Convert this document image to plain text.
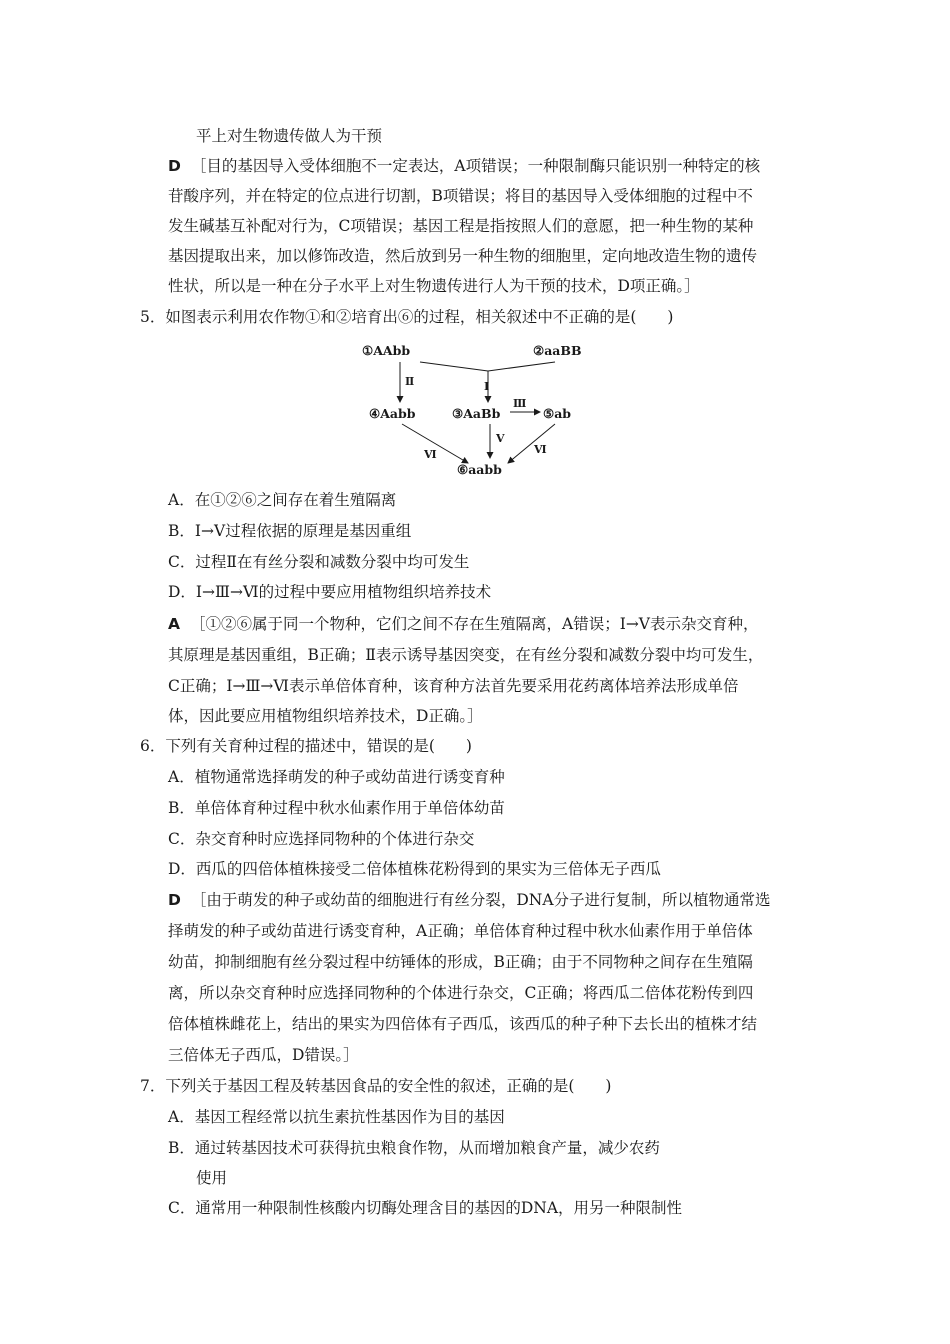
平上对生物遗传做人为干预
D ［目的基因导入受体细胞不一定表达，A项错误；一种限制酶只能识别一种特定的核
苷酸序列，并在特定的位点进行切割，B项错误；将目的基因导入受体细胞的过程中不
发生碱基互补配对行为，C项错误；基因工程是指按照人们的意愿，把一种生物的某种
基因提取出来，加以修饰改造，然后放到另一种生物的细胞里，定向地改造生物的遗传
性状，所以是一种在分子水平上对生物遗传进行人为干预的技术，D项正确。］
5．如图表示利用农作物①和②培育出⑥的过程，相关叙述中不正确的是(　　)
①AAbb	②aaBB
④Aabb	③AaBb	⑤ab
⑥aabb
Ⅱ	Ⅰ
Ⅲ
Ⅴ
Ⅵ	Ⅵ
A．在①②⑥之间存在着生殖隔离
B．Ⅰ→Ⅴ过程依据的原理是基因重组
C．过程Ⅱ在有丝分裂和减数分裂中均可发生
D．Ⅰ→Ⅲ→Ⅵ的过程中要应用植物组织培养技术
A ［①②⑥属于同一个物种，它们之间不存在生殖隔离，A错误；Ⅰ→Ⅴ表示杂交育种，
其原理是基因重组，B正确；Ⅱ表示诱导基因突变，在有丝分裂和减数分裂中均可发生，
C正确；Ⅰ→Ⅲ→Ⅵ表示单倍体育种，该育种方法首先要采用花药离体培养法形成单倍
体，因此要应用植物组织培养技术，D正确。］
6．下列有关育种过程的描述中，错误的是(　　)
A．植物通常选择萌发的种子或幼苗进行诱变育种
B．单倍体育种过程中秋水仙素作用于单倍体幼苗
C．杂交育种时应选择同物种的个体进行杂交
D．西瓜的四倍体植株接受二倍体植株花粉得到的果实为三倍体无子西瓜
D ［由于萌发的种子或幼苗的细胞进行有丝分裂，DNA分子进行复制，所以植物通常选
择萌发的种子或幼苗进行诱变育种，A正确；单倍体育种过程中秋水仙素作用于单倍体
幼苗，抑制细胞有丝分裂过程中纺锤体的形成，B正确；由于不同物种之间存在生殖隔
离，所以杂交育种时应选择同物种的个体进行杂交，C正确；将西瓜二倍体花粉传到四
倍体植株雌花上，结出的果实为四倍体有子西瓜，该西瓜的种子种下去长出的植株才结
三倍体无子西瓜，D错误。］
7．下列关于基因工程及转基因食品的安全性的叙述，正确的是(　　)
A．基因工程经常以抗生素抗性基因作为目的基因
B．通过转基因技术可获得抗虫粮食作物，从而增加粮食产量，减少农药
使用
C．通常用一种限制性核酸内切酶处理含目的基因的DNA，用另一种限制性
